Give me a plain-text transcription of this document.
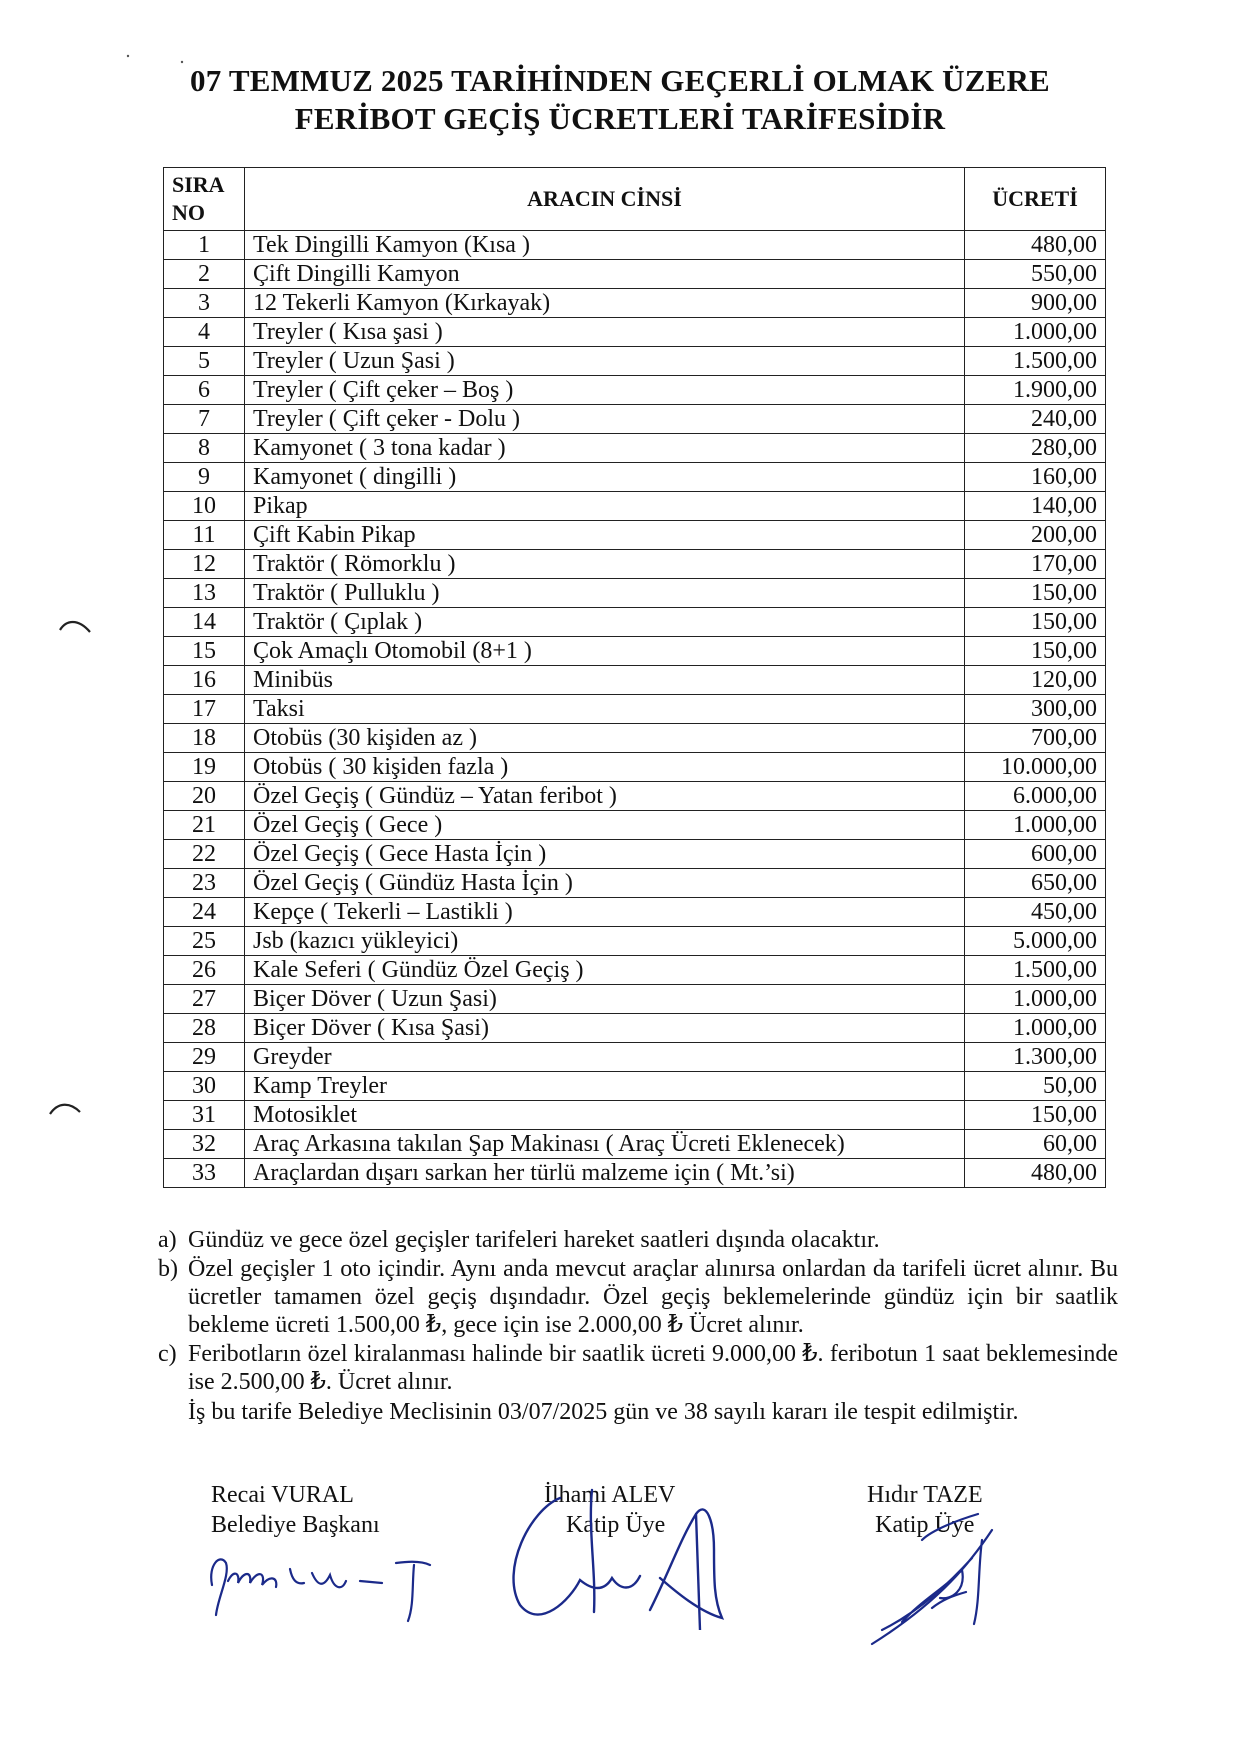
07 TEMMUZ 2025 TARİHİNDEN GEÇERLİ OLMAK ÜZERE
FERİBOT GEÇİŞ ÜCRETLERİ TARİFESİDİR
SIRA
NO	ARACIN CİNSİ	ÜCRETİ
1	Tek Dingilli Kamyon (Kısa )	480,00
2	Çift Dingilli Kamyon	550,00
3	12 Tekerli Kamyon (Kırkayak)	900,00
4	Treyler ( Kısa şasi )	1.000,00
5	Treyler ( Uzun Şasi )	1.500,00
6	Treyler ( Çift çeker – Boş )	1.900,00
7	Treyler ( Çift çeker - Dolu )	240,00
8	Kamyonet ( 3 tona kadar )	280,00
9	Kamyonet ( dingilli )	160,00
10	Pikap	140,00
11	Çift Kabin Pikap	200,00
12	Traktör ( Römorklu )	170,00
13	Traktör ( Pulluklu )	150,00
14	Traktör ( Çıplak )	150,00
15	Çok Amaçlı Otomobil (8+1 )	150,00
16	Minibüs	120,00
17	Taksi	300,00
18	Otobüs (30 kişiden az )	700,00
19	Otobüs ( 30 kişiden fazla )	10.000,00
20	Özel Geçiş ( Gündüz – Yatan feribot )	6.000,00
21	Özel Geçiş ( Gece )	1.000,00
22	Özel Geçiş ( Gece Hasta İçin )	600,00
23	Özel Geçiş ( Gündüz Hasta İçin )	650,00
24	Kepçe ( Tekerli – Lastikli )	450,00
25	Jsb (kazıcı yükleyici)	5.000,00
26	Kale Seferi ( Gündüz Özel Geçiş )	1.500,00
27	Biçer Döver ( Uzun Şasi)	1.000,00
28	Biçer Döver ( Kısa Şasi)	1.000,00
29	Greyder	1.300,00
30	Kamp Treyler	50,00
31	Motosiklet	150,00
32	Araç Arkasına takılan Şap Makinası ( Araç Ücreti Eklenecek)	60,00
33	Araçlardan dışarı sarkan her türlü malzeme için ( Mt.’si)	480,00
a) Gündüz ve gece özel geçişler tarifeleri hareket saatleri dışında olacaktır.
b) Özel geçişler 1 oto içindir. Aynı anda mevcut araçlar alınırsa onlardan da tarifeli ücret alınır. Bu ücretler tamamen özel geçiş dışındadır. Özel geçiş beklemelerinde gündüz için bir saatlik bekleme ücreti 1.500,00 ₺, gece için ise 2.000,00 ₺ Ücret alınır.
c) Feribotların özel kiralanması halinde bir saatlik ücreti 9.000,00 ₺. feribotun 1 saat beklemesinde ise 2.500,00 ₺. Ücret alınır.
İş bu tarife Belediye Meclisinin 03/07/2025 gün ve 38 sayılı kararı ile tespit edilmiştir.
Recai VURAL
Belediye Başkanı
İlhami ALEV
Katip Üye
Hıdır TAZE
Katip Üye
